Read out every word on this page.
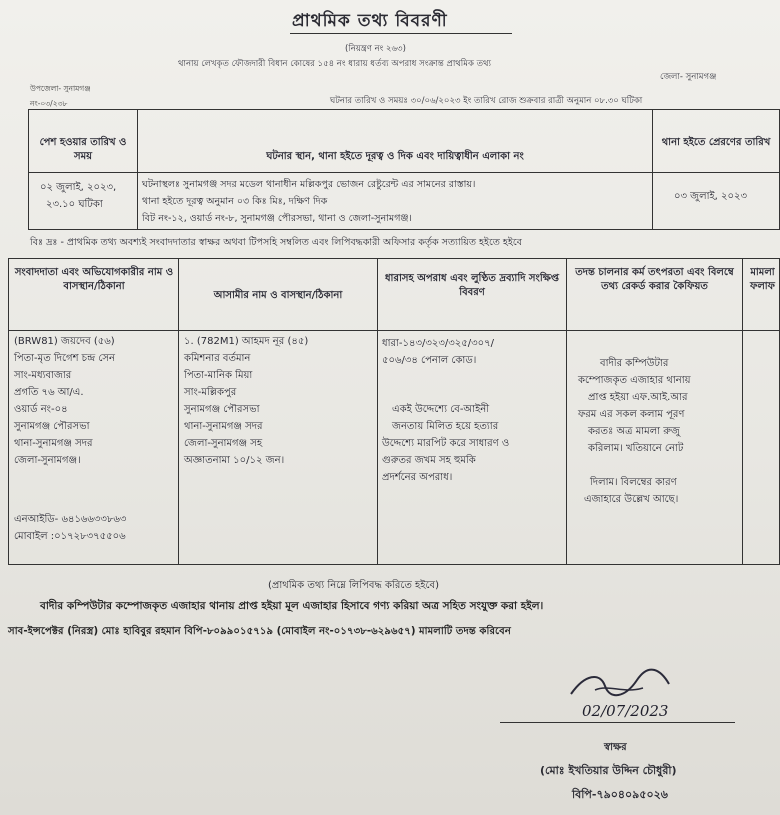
প্রাথমিক তথ্য বিবরণী
(নিয়ন্ত্রণ নং ২৬৩)
থানায় লেখকৃত ফৌজদারী বিধান কোষের ১৫৪ নং ধারায় ধর্তব্য অপরাধ সংক্রান্ত প্রাথমিক তথ্য
জেলা- সুনামগঞ্জ
উপজেলা- সুনামগঞ্জ
নং-০৩/২৩৮	ঘটনার তারিখ ও সময়ঃ ৩০/০৬/২০২৩ ইং তারিখ রোজ শুক্রবার রাত্রী অনুমান ০৮.৩০ ঘটিকা
পেশ হওয়ার তারিখ ও সময়	ঘটনার স্থান, থানা হইতে দূরত্ব ও দিক এবং দায়িত্বাধীন এলাকা নং
থানা হইতে প্রেরণের তারিখ
০২ জুলাই, ২০২৩,
২৩.১০ ঘটিকা
ঘটনাস্থলঃ সুনামগঞ্জ সদর মডেল থানাধীন মল্লিকপুর ভোজন রেষ্টুরেন্ট এর সামনের রাস্তায়।
থানা হইতে দূরত্ব অনুমান ০৩ কিঃ মিঃ, দক্ষিণ দিক
বিট নং-১২, ওয়ার্ড নং-৮, সুনামগঞ্জ পৌরসভা, থানা ও জেলা-সুনামগঞ্জ।
০৩ জুলাই, ২০২৩
বিঃ দ্রঃ - প্রাথমিক তথ্য অবশ্যই সংবাদদাতার স্বাক্ষর অথবা টিপসহি সম্বলিত এবং লিপিবদ্ধকারী অফিসার কর্তৃক সত্যায়িত হইতে হইবে
সংবাদদাতা এবং অভিযোগকারীর নাম ও বাসস্থান/ঠিকানা
আসামীর নাম ও বাসস্থান/ঠিকানা
ধারাসহ অপরাধ এবং লুণ্ঠিত দ্রব্যাদি সংক্ষিপ্ত বিবরণ
তদন্ত চালনার কর্ম তৎপরতা এবং বিলম্বে তথ্য রেকর্ড করার কৈফিয়ত
মামলা ফলাফ
(BRW81) জয়দেব (৫৬)
পিতা-মৃত দিগেশ চন্দ্র সেন
সাং-মধ্যবাজার
প্রগতি ৭৬ আ/এ.
ওয়ার্ড নং-০৪
সুনামগঞ্জ পৌরসভা
থানা-সুনামগঞ্জ সদর
জেলা-সুনামগঞ্জ।
এনআইডি- ৬৪১৬৬৩৩৮৬৩
মোবাইল :০১৭২৮৩৭৫৫০৬
১. (782M1) আহমদ নূর (৪৫)
কমিশনার বর্তমান
পিতা-মানিক মিয়া
সাং-মল্লিকপুর
সুনামগঞ্জ পৌরসভা
থানা-সুনামগঞ্জ সদর
জেলা-সুনামগঞ্জ সহ
অজ্ঞাতনামা ১০/১২ জন।
ধারা-১৪৩/৩২৩/৩২৫/৩০৭/
৫০৬/৩৪ পেনাল কোড।
একই উদ্দেশ্যে বে-আইনী
জনতায় মিলিত হয়ে হত্যার
উদ্দেশ্যে মারপিট করে সাধারণ ও
গুরুতর জখম সহ হুমকি
প্রদর্শনের অপরাধ।
বাদীর কম্পিউটার
কম্পোজকৃত এজাহার থানায়
প্রাপ্ত হইয়া এফ.আই.আর
ফরম এর সকল কলাম পূরণ
করতঃ অত্র মামলা রুজু
করিলাম। খতিয়ানে নোট
দিলাম। বিলম্বের কারণ
এজাহারে উল্লেখ আছে।
(প্রাথমিক তথ্য নিম্নে লিপিবদ্ধ করিতে হইবে)
বাদীর কম্পিউটার কম্পোজকৃত এজাহার থানায় প্রাপ্ত হইয়া মূল এজাহার হিসাবে গণ্য করিয়া অত্র সহিত সংযুক্ত করা হইল।
সাব-ইন্সপেক্টর (নিরস্ত্র) মোঃ হাবিবুর রহমান বিপি-৮০৯৯০১৫৭১৯ (মোবাইল নং-০১৭৩৮-৬২৯৬৫৭) মামলাটি তদন্ত করিবেন
02/07/2023
স্বাক্ষর
(মোঃ ইখতিয়ার উদ্দিন চৌধুরী)
বিপি-৭৯০৪০৯৫০২৬
